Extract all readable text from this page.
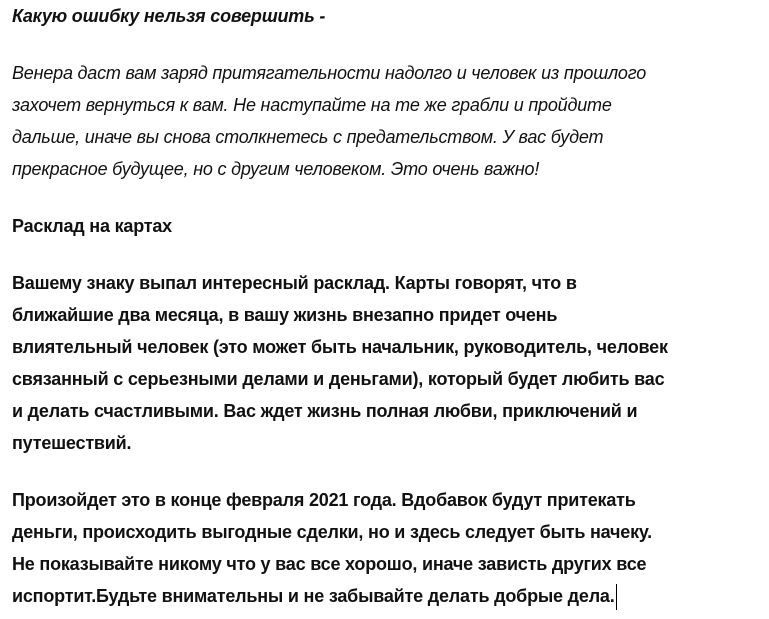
Какую ошибку нельзя совершить -
Венера даст вам заряд притягательности надолго и человек из прошлого
захочет вернуться к вам. Не наступайте на те же грабли и пройдите
дальше, иначе вы снова столкнетесь с предательством. У вас будет
прекрасное будущее, но с другим человеком. Это очень важно!
Расклад на картах
Вашему знаку выпал интересный расклад. Карты говорят, что в
ближайшие два месяца, в вашу жизнь внезапно придет очень
влиятельный человек (это может быть начальник, руководитель, человек
связанный с серьезными делами и деньгами), который будет любить вас
и делать счастливыми. Вас ждет жизнь полная любви, приключений и
путешествий.
Произойдет это в конце февраля 2021 года. Вдобавок будут притекать
деньги, происходить выгодные сделки, но и здесь следует быть начеку.
Не показывайте никому что у вас все хорошо, иначе зависть других все
испортит.Будьте внимательны и не забывайте делать добрые дела.
